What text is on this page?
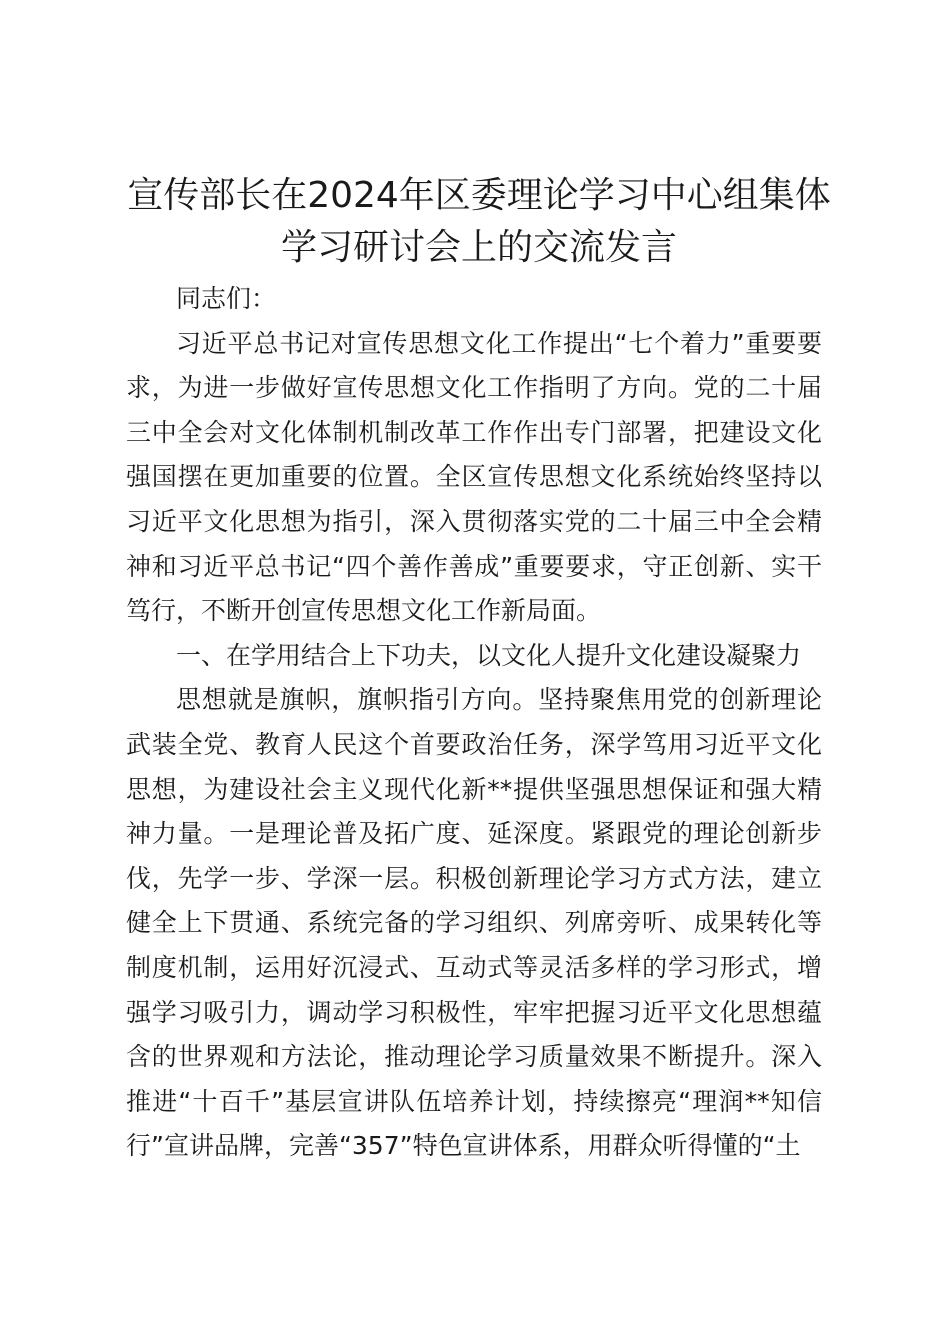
宣传部长在2024年区委理论学习中心组集体学习研讨会上的交流发言

同志们：

习近平总书记对宣传思想文化工作提出“七个着力”重要要求，为进一步做好宣传思想文化工作指明了方向。党的二十届三中全会对文化体制机制改革工作作出专门部署，把建设文化强国摆在更加重要的位置。全区宣传思想文化系统始终坚持以习近平文化思想为指引，深入贯彻落实党的二十届三中全会精神和习近平总书记“四个善作善成”重要要求，守正创新、实干笃行，不断开创宣传思想文化工作新局面。

一、在学用结合上下功夫，以文化人提升文化建设凝聚力

思想就是旗帜，旗帜指引方向。坚持聚焦用党的创新理论武装全党、教育人民这个首要政治任务，深学笃用习近平文化思想，为建设社会主义现代化新**提供坚强思想保证和强大精神力量。一是理论普及拓广度、延深度。紧跟党的理论创新步伐，先学一步、学深一层。积极创新理论学习方式方法，建立健全上下贯通、系统完备的学习组织、列席旁听、成果转化等制度机制，运用好沉浸式、互动式等灵活多样的学习形式，增强学习吸引力，调动学习积极性，牢牢把握习近平文化思想蕴含的世界观和方法论，推动理论学习质量效果不断提升。深入推进“十百千”基层宣讲队伍培养计划，持续擦亮“理润**知信行”宣讲品牌，完善“357”特色宣讲体系，用群众听得懂的“土
